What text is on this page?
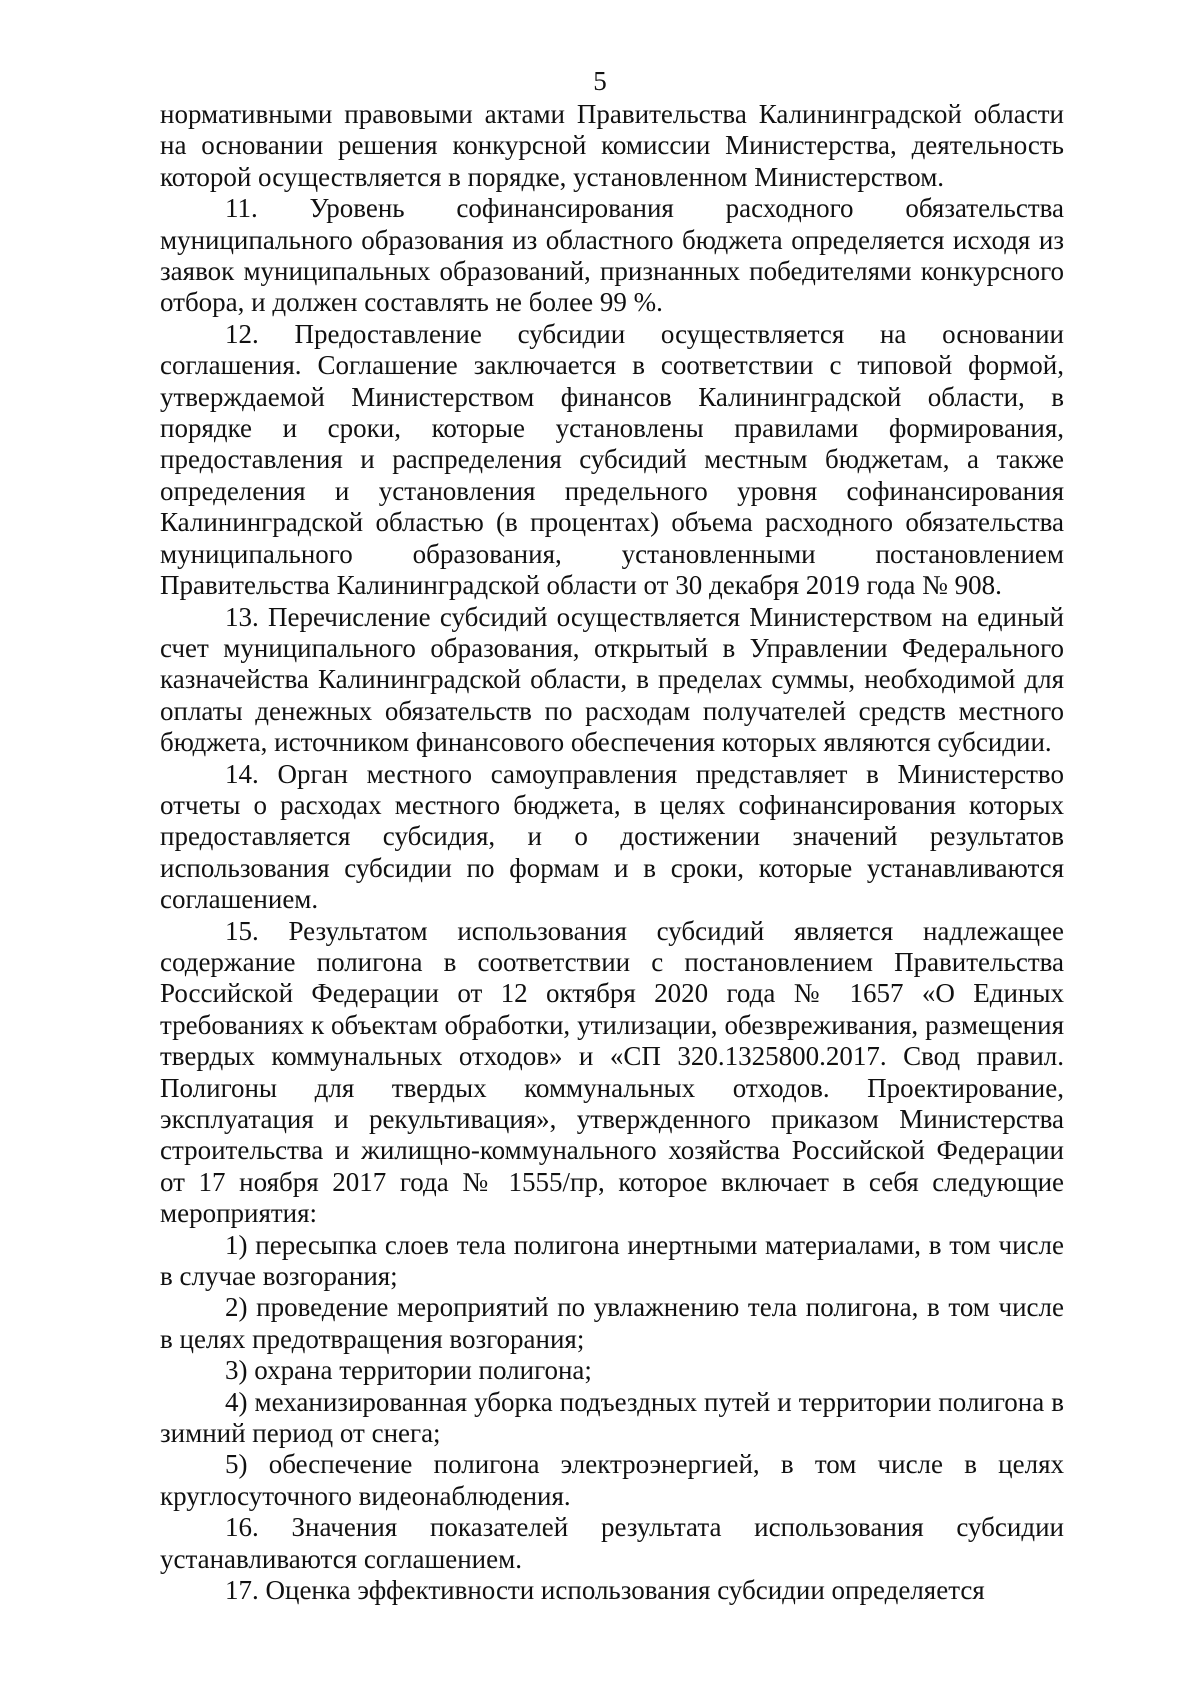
5

нормативными правовыми актами Правительства Калининградской области на основании решения конкурсной комиссии Министерства, деятельность которой осуществляется в порядке, установленном Министерством.

11. Уровень софинансирования расходного обязательства муниципального образования из областного бюджета определяется исходя из заявок муниципальных образований, признанных победителями конкурсного отбора, и должен составлять не более 99 %.

12. Предоставление субсидии осуществляется на основании соглашения. Соглашение заключается в соответствии с типовой формой, утверждаемой Министерством финансов Калининградской области, в порядке и сроки, которые установлены правилами формирования, предоставления и распределения субсидий местным бюджетам, а также определения и установления предельного уровня софинансирования Калининградской областью (в процентах) объема расходного обязательства муниципального образования, установленными постановлением Правительства Калининградской области от 30 декабря 2019 года № 908.

13. Перечисление субсидий осуществляется Министерством на единый счет муниципального образования, открытый в Управлении Федерального казначейства Калининградской области, в пределах суммы, необходимой для оплаты денежных обязательств по расходам получателей средств местного бюджета, источником финансового обеспечения которых являются субсидии.

14. Орган местного самоуправления представляет в Министерство отчеты о расходах местного бюджета, в целях софинансирования которых предоставляется субсидия, и о достижении значений результатов использования субсидии по формам и в сроки, которые устанавливаются соглашением.

15. Результатом использования субсидий является надлежащее содержание полигона в соответствии с постановлением Правительства Российской Федерации от 12 октября 2020 года № 1657 «О Единых требованиях к объектам обработки, утилизации, обезвреживания, размещения твердых коммунальных отходов» и «СП 320.1325800.2017. Свод правил. Полигоны для твердых коммунальных отходов. Проектирование, эксплуатация и рекультивация», утвержденного приказом Министерства строительства и жилищно-коммунального хозяйства Российской Федерации от 17 ноября 2017 года № 1555/пр, которое включает в себя следующие мероприятия:

1) пересыпка слоев тела полигона инертными материалами, в том числе в случае возгорания;

2) проведение мероприятий по увлажнению тела полигона, в том числе в целях предотвращения возгорания;

3) охрана территории полигона;

4) механизированная уборка подъездных путей и территории полигона в зимний период от снега;

5) обеспечение полигона электроэнергией, в том числе в целях круглосуточного видеонаблюдения.

16. Значения показателей результата использования субсидии устанавливаются соглашением.

17. Оценка эффективности использования субсидии определяется
